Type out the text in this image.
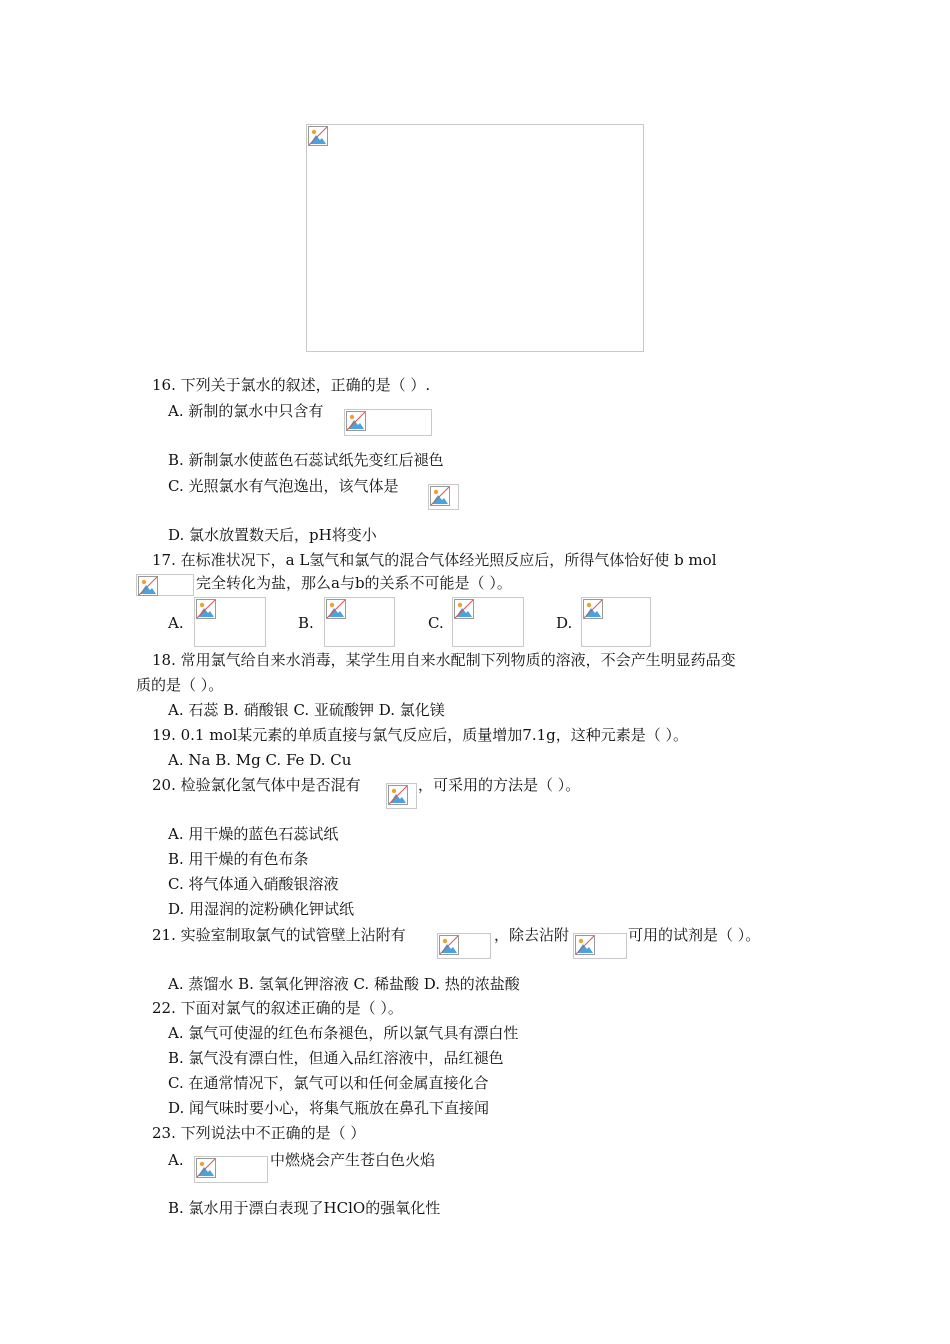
16. 下列关于氯水的叙述，正确的是（ ）.
A. 新制的氯水中只含有
B. 新制氯水使蓝色石蕊试纸先变红后褪色
C. 光照氯水有气泡逸出，该气体是
D. 氯水放置数天后，pH将变小
17. 在标准状况下，a L氢气和氯气的混合气体经光照反应后，所得气体恰好使 b mol
完全转化为盐，那么a与b的关系不可能是（ ）。
A.	B.	C.	D.
18. 常用氯气给自来水消毒，某学生用自来水配制下列物质的溶液，不会产生明显药品变
质的是（ ）。
A. 石蕊 B. 硝酸银 C. 亚硫酸钾 D. 氯化镁
19. 0.1 mol某元素的单质直接与氯气反应后，质量增加7.1g，这种元素是（ ）。
A. Na B. Mg C. Fe D. Cu
20. 检验氯化氢气体中是否混有	，可采用的方法是（ ）。
A. 用干燥的蓝色石蕊试纸
B. 用干燥的有色布条
C. 将气体通入硝酸银溶液
D. 用湿润的淀粉碘化钾试纸
21. 实验室制取氯气的试管壁上沾附有	，除去沾附	可用的试剂是（ ）。
A. 蒸馏水 B. 氢氧化钾溶液 C. 稀盐酸 D. 热的浓盐酸
22. 下面对氯气的叙述正确的是（ ）。
A. 氯气可使湿的红色布条褪色，所以氯气具有漂白性
B. 氯气没有漂白性，但通入品红溶液中，品红褪色
C. 在通常情况下，氯气可以和任何金属直接化合
D. 闻气味时要小心，将集气瓶放在鼻孔下直接闻
23. 下列说法中不正确的是（ ）
A.	中燃烧会产生苍白色火焰
B. 氯水用于漂白表现了HClO的强氧化性
